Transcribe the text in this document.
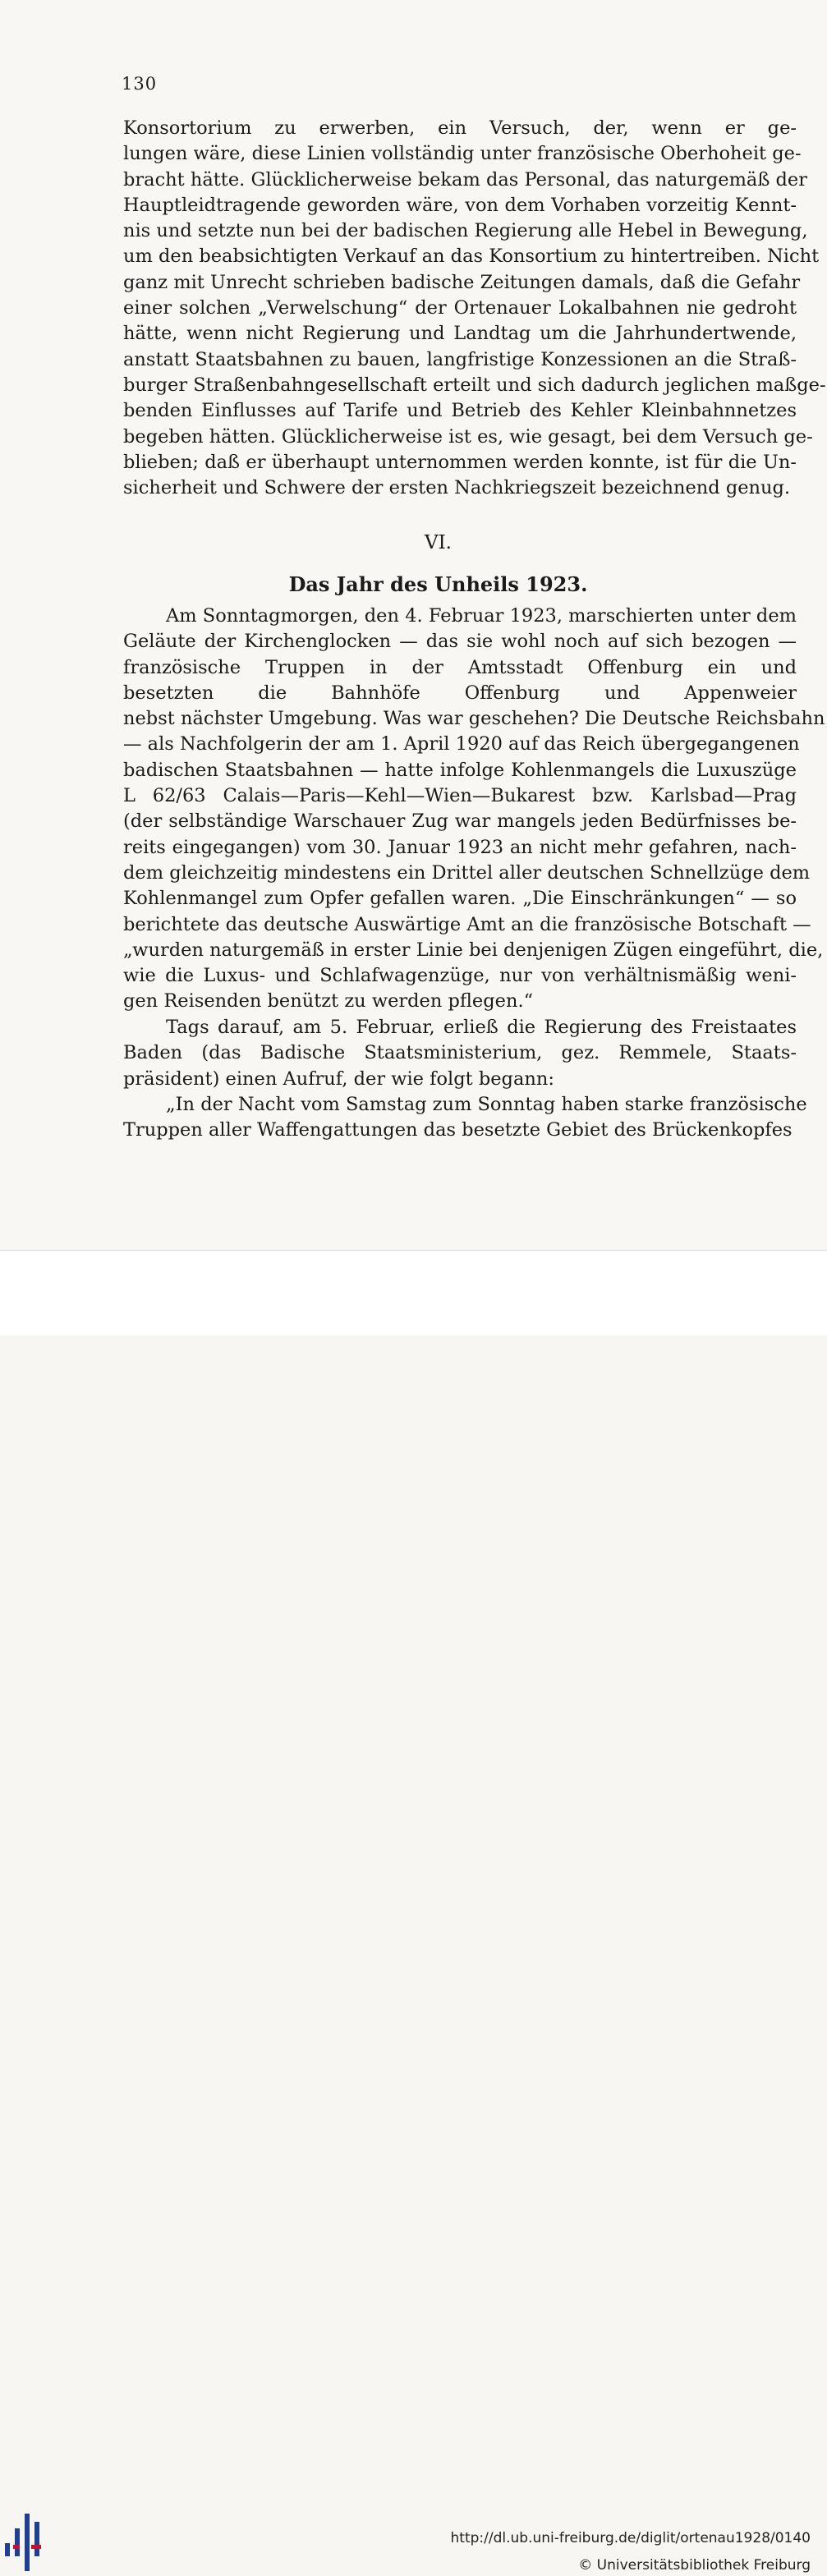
130
Konsortorium zu erwerben, ein Versuch, der, wenn er ge-
lungen wäre, diese Linien vollständig unter französische Oberhoheit ge-
bracht hätte. Glücklicherweise bekam das Personal, das naturgemäß der
Hauptleidtragende geworden wäre, von dem Vorhaben vorzeitig Kennt-
nis und setzte nun bei der badischen Regierung alle Hebel in Bewegung,
um den beabsichtigten Verkauf an das Konsortium zu hintertreiben. Nicht
ganz mit Unrecht schrieben badische Zeitungen damals, daß die Gefahr
einer solchen „Verwelschung“ der Ortenauer Lokalbahnen nie gedroht
hätte, wenn nicht Regierung und Landtag um die Jahrhundertwende,
anstatt Staatsbahnen zu bauen, langfristige Konzessionen an die Straß-
burger Straßenbahngesellschaft erteilt und sich dadurch jeglichen maßge-
benden Einflusses auf Tarife und Betrieb des Kehler Kleinbahnnetzes
begeben hätten. Glücklicherweise ist es, wie gesagt, bei dem Versuch ge-
blieben; daß er überhaupt unternommen werden konnte, ist für die Un-
sicherheit und Schwere der ersten Nachkriegszeit bezeichnend genug.
VI.
Das Jahr des Unheils 1923.
Am Sonntagmorgen, den 4. Februar 1923, marschierten unter dem
Geläute der Kirchenglocken — das sie wohl noch auf sich bezogen —
französische Truppen in der Amtsstadt Offenburg ein und
besetzten die Bahnhöfe Offenburg und Appenweier
nebst nächster Umgebung. Was war geschehen? Die Deutsche Reichsbahn
— als Nachfolgerin der am 1. April 1920 auf das Reich übergegangenen
badischen Staatsbahnen — hatte infolge Kohlenmangels die Luxuszüge
L 62/63 Calais—Paris—Kehl—Wien—Bukarest bzw. Karlsbad—Prag
(der selbständige Warschauer Zug war mangels jeden Bedürfnisses be-
reits eingegangen) vom 30. Januar 1923 an nicht mehr gefahren, nach-
dem gleichzeitig mindestens ein Drittel aller deutschen Schnellzüge dem
Kohlenmangel zum Opfer gefallen waren. „Die Einschränkungen“ — so
berichtete das deutsche Auswärtige Amt an die französische Botschaft —
„wurden naturgemäß in erster Linie bei denjenigen Zügen eingeführt, die,
wie die Luxus- und Schlafwagenzüge, nur von verhältnismäßig weni-
gen Reisenden benützt zu werden pflegen.“
Tags darauf, am 5. Februar, erließ die Regierung des Freistaates
Baden (das Badische Staatsministerium, gez. Remmele, Staats-
präsident) einen Aufruf, der wie folgt begann:
„In der Nacht vom Samstag zum Sonntag haben starke französische
Truppen aller Waffengattungen das besetzte Gebiet des Brückenkopfes
http://dl.ub.uni-freiburg.de/diglit/ortenau1928/0140
© Universitätsbibliothek Freiburg
